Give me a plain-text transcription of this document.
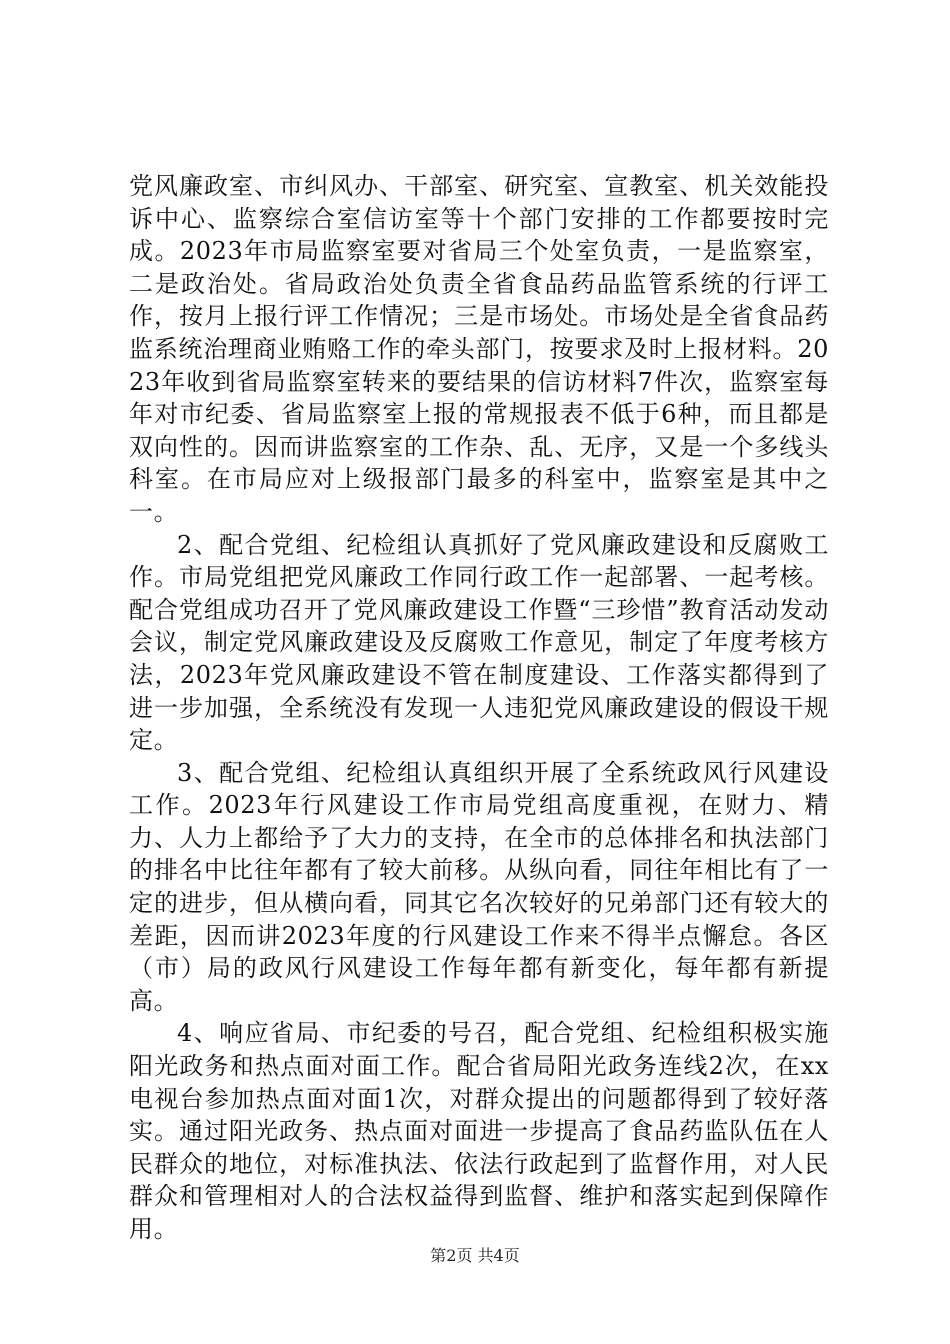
党风廉政室、市纠风办、干部室、研究室、宣教室、机关效能投诉中心、监察综合室信访室等十个部门安排的工作都要按时完成。2023年市局监察室要对省局三个处室负责，一是监察室，二是政治处。省局政治处负责全省食品药品监管系统的行评工作，按月上报行评工作情况；三是市场处。市场处是全省食品药监系统治理商业贿赂工作的牵头部门，按要求及时上报材料。2023年收到省局监察室转来的要结果的信访材料7件次，监察室每年对市纪委、省局监察室上报的常规报表不低于6种，而且都是双向性的。因而讲监察室的工作杂、乱、无序，又是一个多线头科室。在市局应对上级报部门最多的科室中，监察室是其中之一。

2、配合党组、纪检组认真抓好了党风廉政建设和反腐败工作。市局党组把党风廉政工作同行政工作一起部署、一起考核。配合党组成功召开了党风廉政建设工作暨“三珍惜”教育活动发动会议，制定党风廉政建设及反腐败工作意见，制定了年度考核方法，2023年党风廉政建设不管在制度建设、工作落实都得到了进一步加强，全系统没有发现一人违犯党风廉政建设的假设干规定。

3、配合党组、纪检组认真组织开展了全系统政风行风建设工作。2023年行风建设工作市局党组高度重视，在财力、精力、人力上都给予了大力的支持，在全市的总体排名和执法部门的排名中比往年都有了较大前移。从纵向看，同往年相比有了一定的进步，但从横向看，同其它名次较好的兄弟部门还有较大的差距，因而讲2023年度的行风建设工作来不得半点懈怠。各区（市）局的政风行风建设工作每年都有新变化，每年都有新提高。

4、响应省局、市纪委的号召，配合党组、纪检组积极实施阳光政务和热点面对面工作。配合省局阳光政务连线2次，在xx电视台参加热点面对面1次，对群众提出的问题都得到了较好落实。通过阳光政务、热点面对面进一步提高了食品药监队伍在人民群众的地位，对标准执法、依法行政起到了监督作用，对人民群众和管理相对人的合法权益得到监督、维护和落实起到保障作用。

第2页 共4页
